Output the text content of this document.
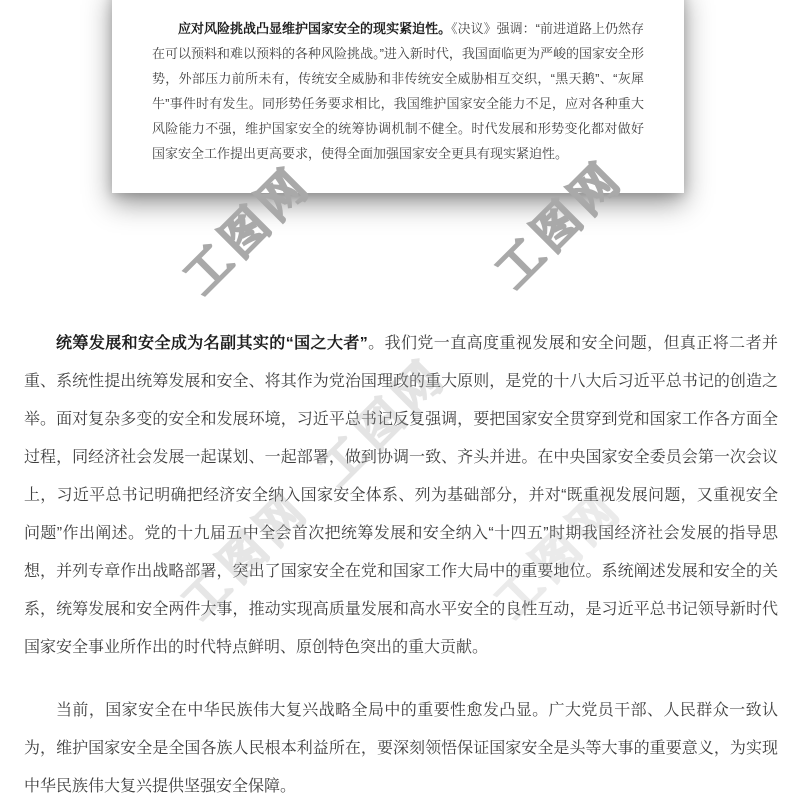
工图网	工图网
工图网
工图网	工图网

应对风险挑战凸显维护国家安全的现实紧迫性。《决议》强调：“前进道路上仍然存在可以预料和难以预料的各种风险挑战。”进入新时代，我国面临更为严峻的国家安全形势，外部压力前所未有，传统安全威胁和非传统安全威胁相互交织，“黑天鹅”、“灰犀牛”事件时有发生。同形势任务要求相比，我国维护国家安全能力不足，应对各种重大风险能力不强，维护国家安全的统筹协调机制不健全。时代发展和形势变化都对做好国家安全工作提出更高要求，使得全面加强国家安全更具有现实紧迫性。

统筹发展和安全成为名副其实的“国之大者”。我们党一直高度重视发展和安全问题，但真正将二者并重、系统性提出统筹发展和安全、将其作为党治国理政的重大原则，是党的十八大后习近平总书记的创造之举。面对复杂多变的安全和发展环境，习近平总书记反复强调，要把国家安全贯穿到党和国家工作各方面全过程，同经济社会发展一起谋划、一起部署，做到协调一致、齐头并进。在中央国家安全委员会第一次会议上，习近平总书记明确把经济安全纳入国家安全体系、列为基础部分，并对“既重视发展问题，又重视安全问题”作出阐述。党的十九届五中全会首次把统筹发展和安全纳入“十四五”时期我国经济社会发展的指导思想，并列专章作出战略部署，突出了国家安全在党和国家工作大局中的重要地位。系统阐述发展和安全的关系，统筹发展和安全两件大事，推动实现高质量发展和高水平安全的良性互动，是习近平总书记领导新时代国家安全事业所作出的时代特点鲜明、原创特色突出的重大贡献。

当前，国家安全在中华民族伟大复兴战略全局中的重要性愈发凸显。广大党员干部、人民群众一致认为，维护国家安全是全国各族人民根本利益所在，要深刻领悟保证国家安全是头等大事的重要意义，为实现中华民族伟大复兴提供坚强安全保障。
